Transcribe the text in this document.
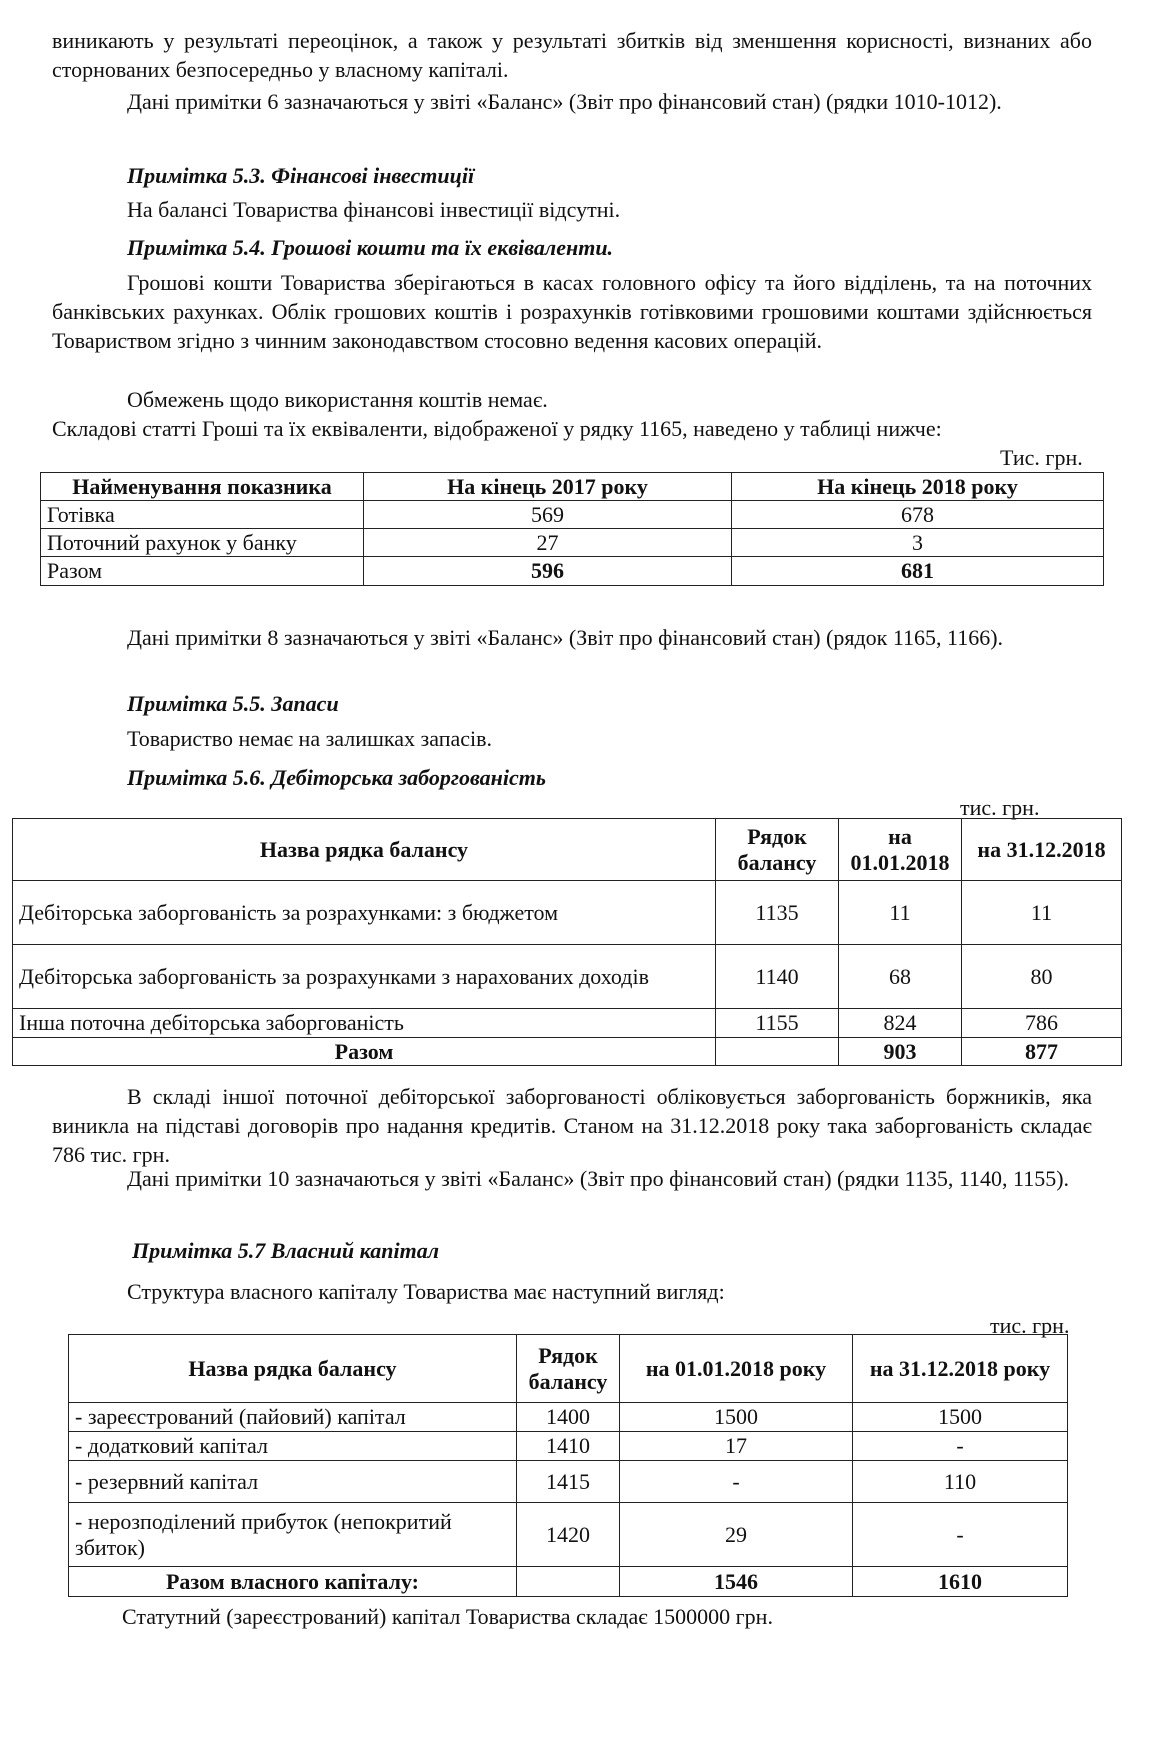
виникають у результаті переоцінок, а також у результаті збитків від зменшення корисності, визнаних або сторнованих безпосередньо у власному капіталі.

Дані примітки 6 зазначаються у звіті «Баланс» (Звіт про фінансовий стан) (рядки 1010-1012).

Примітка 5.3. Фінансові інвестиції

На балансі Товариства фінансові інвестиції відсутні.

Примітка 5.4. Грошові кошти та їх еквіваленти.

Грошові кошти Товариства зберігаються в касах головного офісу та його відділень, та на поточних банківських рахунках. Облік грошових коштів і розрахунків готівковими грошовими коштами здійснюється Товариством згідно з чинним законодавством стосовно ведення касових операцій.

Обмежень щодо використання коштів немає.

Складові статті Гроші та їх еквіваленти, відображеної у рядку 1165, наведено у таблиці нижче:

Тис. грн.

Найменування показника	На кінець 2017 року	На кінець 2018 року
Готівка	569	678
Поточний рахунок у банку	27	3
Разом	596	681

Дані примітки 8 зазначаються у звіті «Баланс» (Звіт про фінансовий стан) (рядок 1165, 1166).

Примітка 5.5. Запаси

Товариство немає на залишках запасів.

Примітка 5.6. Дебіторська заборгованість

тис. грн.

Назва рядка балансу	Рядок балансу	на 01.01.2018	на 31.12.2018
Дебіторська заборгованість за розрахунками: з бюджетом	1135	11	11
Дебіторська заборгованість за розрахунками з нарахованих доходів	1140	68	80
Інша поточна дебіторська заборгованість	1155	824	786
Разом		903	877

В складі іншої поточної дебіторської заборгованості обліковується заборгованість боржників, яка виникла на підставі договорів про надання кредитів. Станом на 31.12.2018 року така заборгованість складає 786 тис. грн.

Дані примітки 10 зазначаються у звіті «Баланс» (Звіт про фінансовий стан) (рядки 1135, 1140, 1155).

Примітка 5.7 Власний капітал

Структура власного капіталу Товариства має наступний вигляд:

тис. грн.

Назва рядка балансу	Рядок балансу	на 01.01.2018 року	на 31.12.2018 року
- зареєстрований (пайовий) капітал	1400	1500	1500
- додатковий капітал	1410	17	-
- резервний капітал	1415	-	110
- нерозподілений прибуток (непокритий збиток)	1420	29	-
Разом власного капіталу:		1546	1610

Статутний (зареєстрований) капітал Товариства складає 1500000 грн.
